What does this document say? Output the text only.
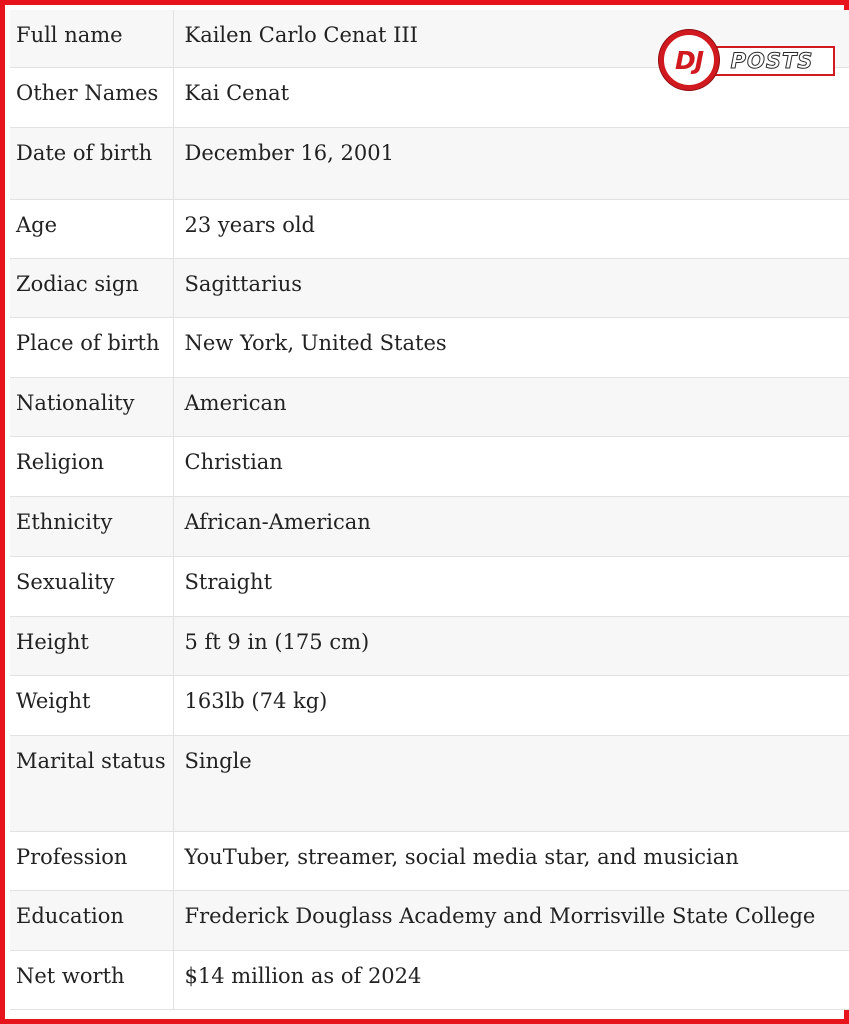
Full name	Kailen Carlo Cenat III
Other Names	Kai Cenat
Date of birth	December 16, 2001
Age	23 years old
Zodiac sign	Sagittarius
Place of birth	New York, United States
Nationality	American
Religion	Christian
Ethnicity	African-American
Sexuality	Straight
Height	5 ft 9 in (175 cm)
Weight	163lb (74 kg)
Marital status	Single
Profession	YouTuber, streamer, social media star, and musician
Education	Frederick Douglass Academy and Morrisville State College
Net worth	$14 million as of 2024
POSTS
DJ
